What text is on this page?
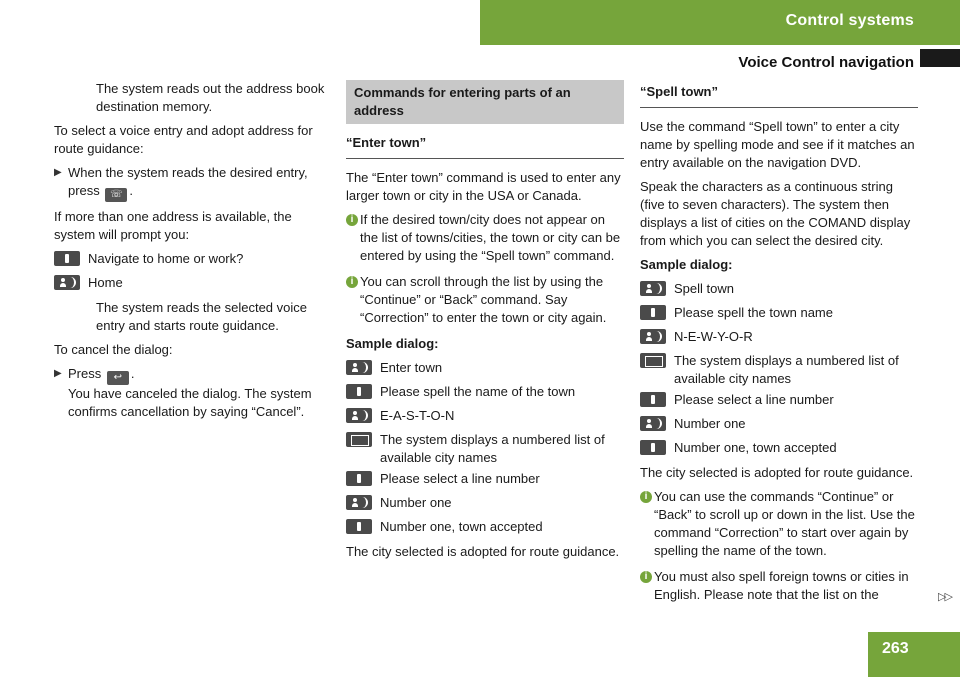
Control systems
Voice Control navigation

The system reads out the address book destination memory.

To select a voice entry and adopt address for route guidance:

▶ When the system reads the desired entry, press ☏ .

If more than one address is available, the system will prompt you:

Navigate to home or work?
Home

The system reads the selected voice entry and starts route guidance.

To cancel the dialog:

▶ Press ↩ .
You have canceled the dialog. The system confirms cancellation by saying “Cancel”.

Commands for entering parts of an address
“Enter town”

The “Enter town” command is used to enter any larger town or city in the USA or Canada.

i If the desired town/city does not appear on the list of towns/cities, the town or city can be entered by using the “Spell town” command.
i You can scroll through the list by using the “Continue” or “Back” command. Say “Correction” to enter the town or city again.

Sample dialog:

Enter town
Please spell the name of the town
E-A-S-T-O-N
The system displays a numbered list of available city names
Please select a line number
Number one
Number one, town accepted

The city selected is adopted for route guidance.

“Spell town”

Use the command “Spell town” to enter a city name by spelling mode and see if it matches an entry available on the navigation DVD.

Speak the characters as a continuous string (five to seven characters). The system then displays a list of cities on the COMAND display from which you can select the desired city.

Sample dialog:

Spell town
Please spell the town name
N-E-W-Y-O-R
The system displays a numbered list of available city names
Please select a line number
Number one
Number one, town accepted

The city selected is adopted for route guidance.

i You can use the commands “Continue” or “Back” to scroll up or down in the list. Use the command “Correction” to start over again by spelling the name of the town.
i You must also spell foreign towns or cities in English. Please note that the list on the	▷▷
263
